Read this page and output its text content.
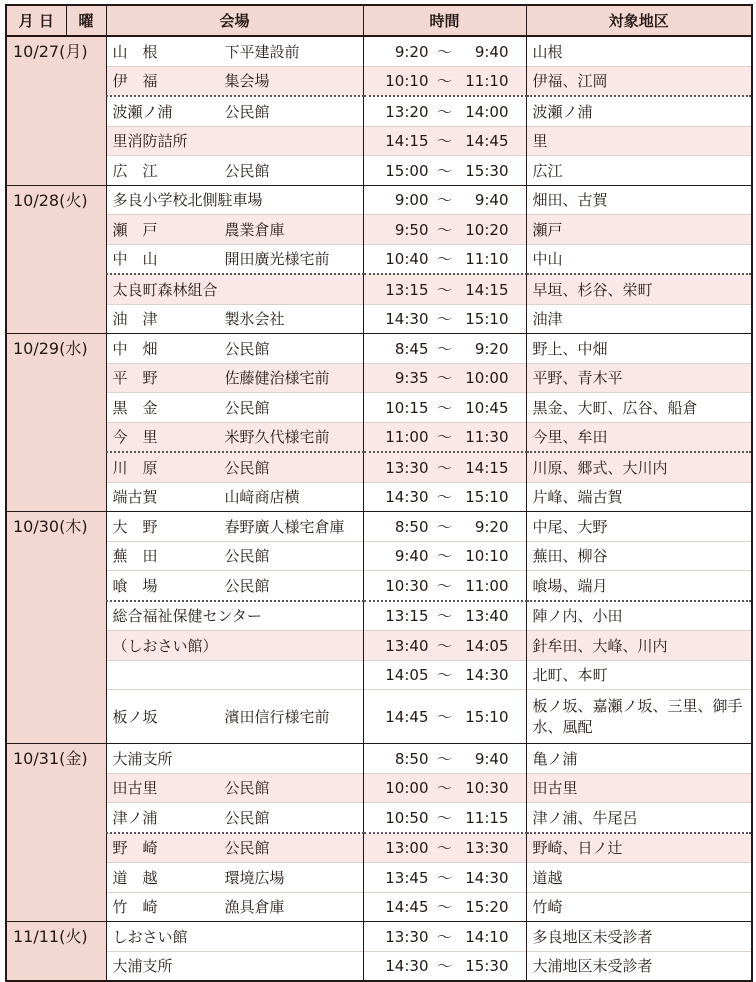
月 日	曜	会場	時間	対象地区
10/27(月)		山　根 下平建設前	9:20 ～ 9:40	山根
		伊　福 集会場	10:10 ～ 11:10	伊福、江岡
		波瀬ノ浦 公民館	13:20 ～ 14:00	波瀬ノ浦
		里消防詰所	14:15 ～ 14:45	里
		広　江 公民館	15:00 ～ 15:30	広江
10/28(火)		多良小学校北側駐車場	9:00 ～ 9:40	畑田、古賀
		瀬　戸 農業倉庫	9:50 ～ 10:20	瀬戸
		中　山 開田廣光様宅前	10:40 ～ 11:10	中山
		太良町森林組合	13:15 ～ 14:15	早垣、杉谷、栄町
		油　津 製氷会社	14:30 ～ 15:10	油津
10/29(水)		中　畑 公民館	8:45 ～ 9:20	野上、中畑
		平　野 佐藤健治様宅前	9:35 ～ 10:00	平野、青木平
		黒　金 公民館	10:15 ～ 10:45	黒金、大町、広谷、船倉
		今　里 米野久代様宅前	11:00 ～ 11:30	今里、牟田
		川　原 公民館	13:30 ～ 14:15	川原、郷式、大川内
		端古賀 山﨑商店横	14:30 ～ 15:10	片峰、端古賀
10/30(木)		大　野 春野廣人様宅倉庫	8:50 ～ 9:20	中尾、大野
		蕪　田 公民館	9:40 ～ 10:10	蕪田、柳谷
		喰　場 公民館	10:30 ～ 11:00	喰場、端月
		総合福祉保健センター	13:15 ～ 13:40	陣ノ内、小田
		（しおさい館）	13:40 ～ 14:05	針牟田、大峰、川内
			14:05 ～ 14:30	北町、本町
		板ノ坂 濱田信行様宅前	14:45 ～ 15:10	板ノ坂、嘉瀬ノ坂、三里、御手水、風配
10/31(金)		大浦支所	8:50 ～ 9:40	亀ノ浦
		田古里 公民館	10:00 ～ 10:30	田古里
		津ノ浦 公民館	10:50 ～ 11:15	津ノ浦、牛尾呂
		野　崎 公民館	13:00 ～ 13:30	野崎、日ノ辻
		道　越 環境広場	13:45 ～ 14:30	道越
		竹　崎 漁具倉庫	14:45 ～ 15:20	竹崎
11/11(火)		しおさい館	13:30 ～ 14:10	多良地区未受診者
		大浦支所	14:30 ～ 15:30	大浦地区未受診者
